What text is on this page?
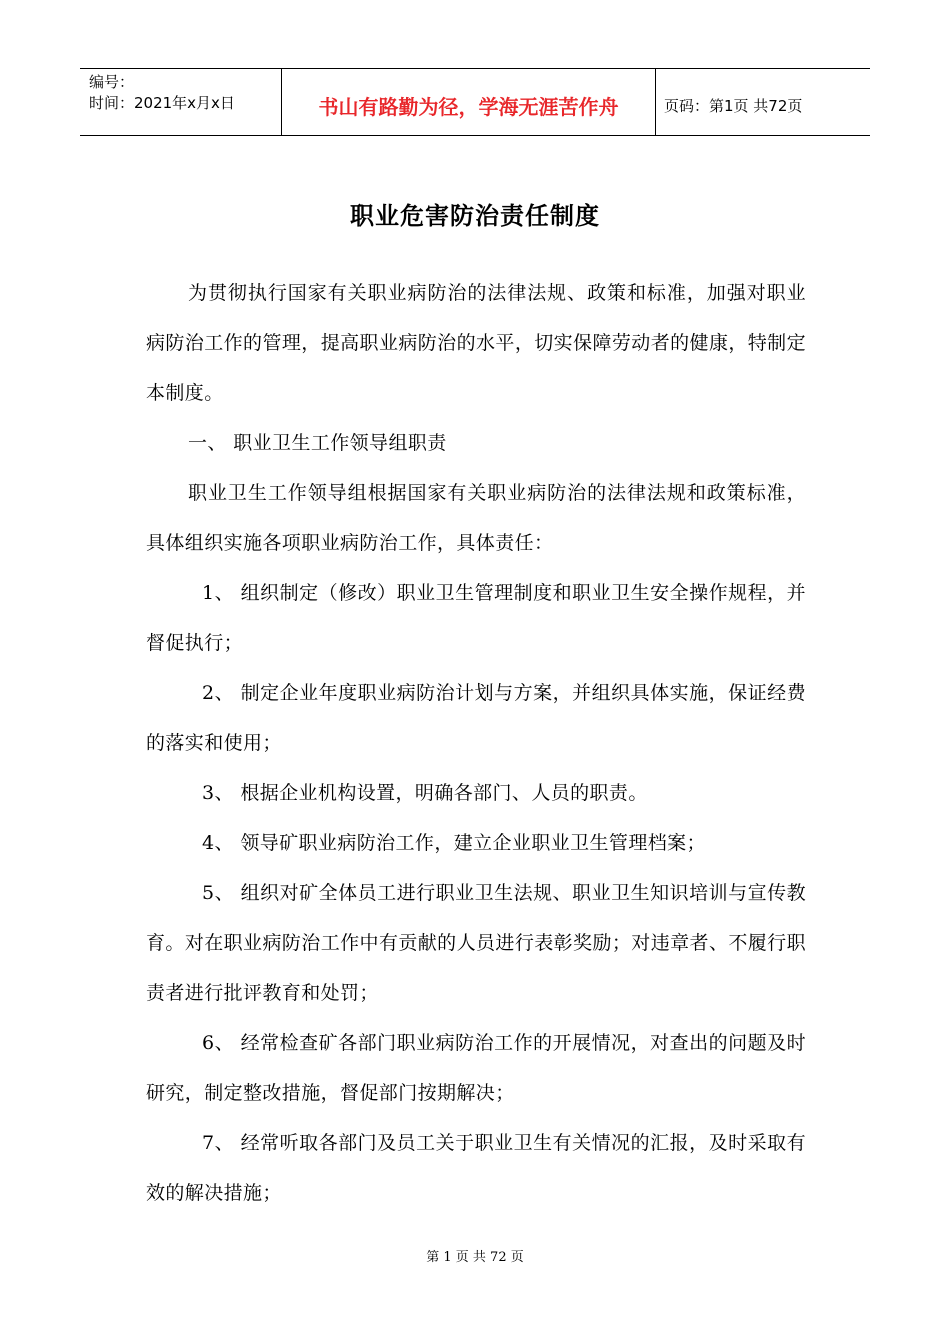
编号：
时间：2021年x月x日	书山有路勤为径，学海无涯苦作舟	页码：第1页 共72页
职业危害防治责任制度

为贯彻执行国家有关职业病防治的法律法规、政策和标准，加强对职业病防治工作的管理，提高职业病防治的水平，切实保障劳动者的健康，特制定本制度。

一、 职业卫生工作领导组职责

职业卫生工作领导组根据国家有关职业病防治的法律法规和政策标准，具体组织实施各项职业病防治工作，具体责任：

1、 组织制定（修改）职业卫生管理制度和职业卫生安全操作规程，并督促执行；

2、 制定企业年度职业病防治计划与方案，并组织具体实施，保证经费的落实和使用；

3、 根据企业机构设置，明确各部门、人员的职责。

4、 领导矿职业病防治工作，建立企业职业卫生管理档案；

5、 组织对矿全体员工进行职业卫生法规、职业卫生知识培训与宣传教育。对在职业病防治工作中有贡献的人员进行表彰奖励；对违章者、不履行职责者进行批评教育和处罚；

6、 经常检查矿各部门职业病防治工作的开展情况，对查出的问题及时研究，制定整改措施，督促部门按期解决；

7、 经常听取各部门及员工关于职业卫生有关情况的汇报，及时采取有效的解决措施；

第 1 页 共 72 页
